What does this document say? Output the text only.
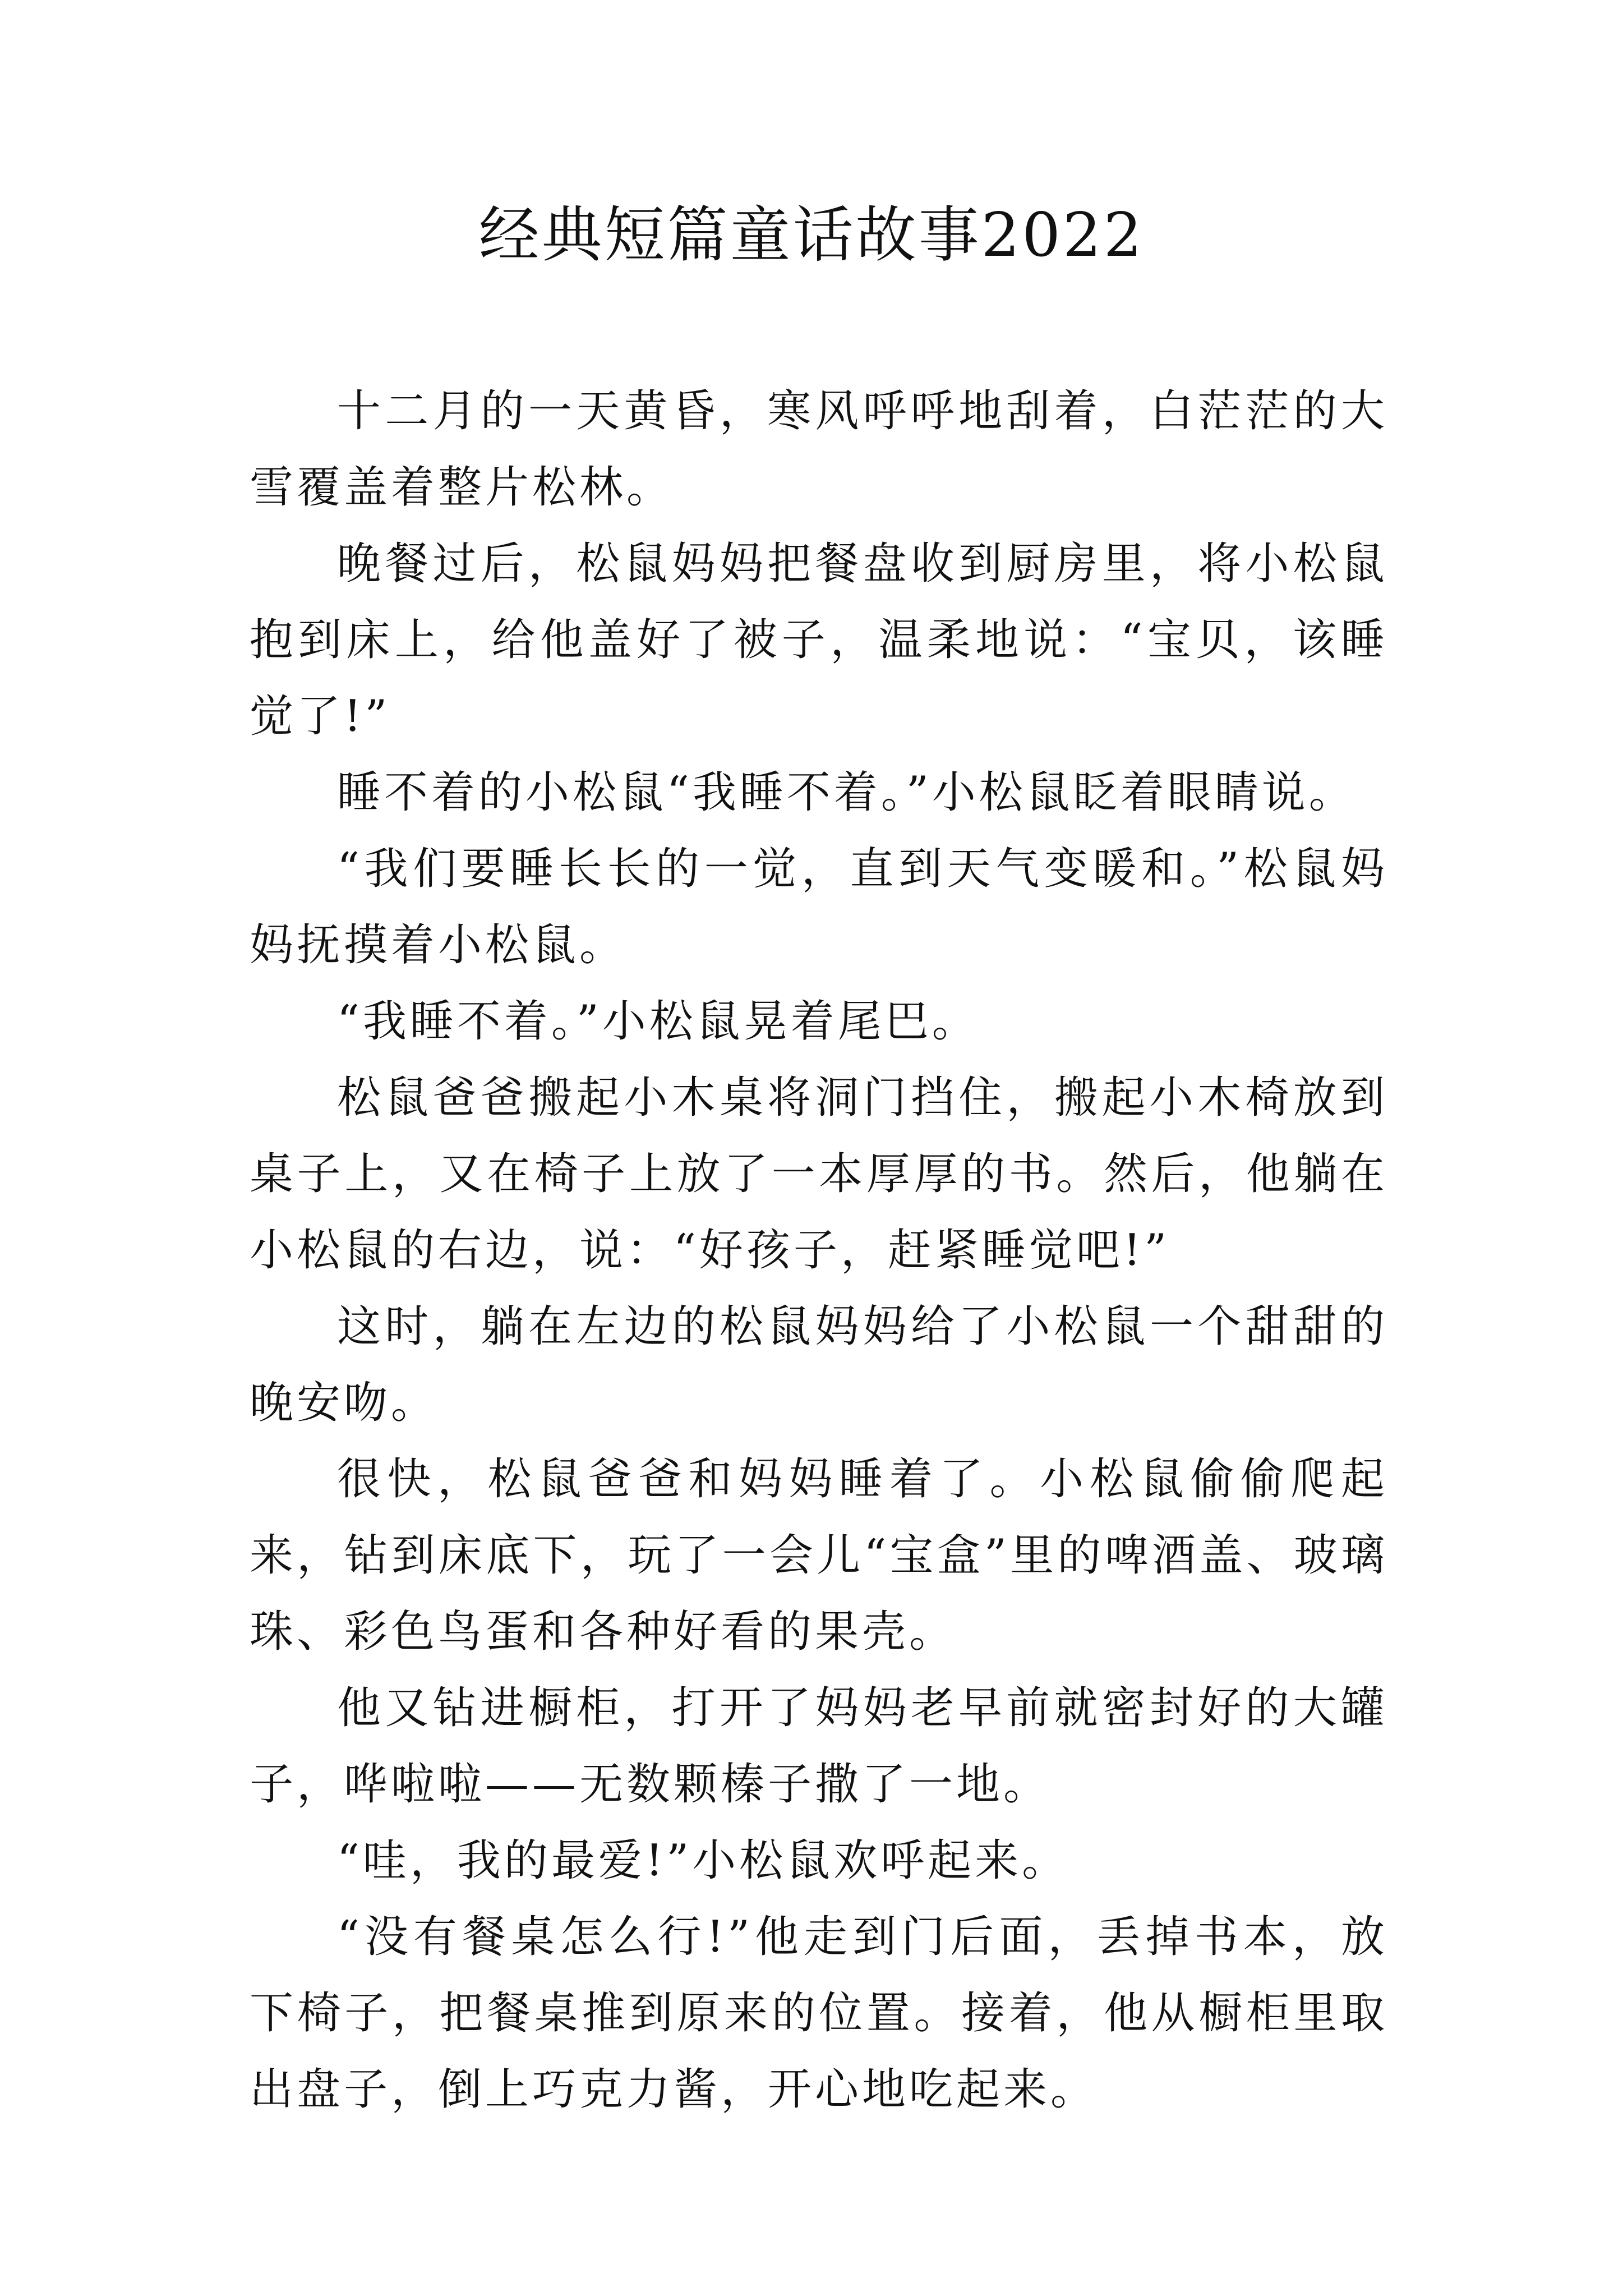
经典短篇童话故事2022

十二月的一天黄昏，寒风呼呼地刮着，白茫茫的大雪覆盖着整片松林。

晚餐过后，松鼠妈妈把餐盘收到厨房里，将小松鼠抱到床上，给他盖好了被子，温柔地说：“宝贝，该睡觉了!”

睡不着的小松鼠“我睡不着。”小松鼠眨着眼睛说。

“我们要睡长长的一觉，直到天气变暖和。”松鼠妈妈抚摸着小松鼠。

“我睡不着。”小松鼠晃着尾巴。

松鼠爸爸搬起小木桌将洞门挡住，搬起小木椅放到桌子上，又在椅子上放了一本厚厚的书。然后，他躺在小松鼠的右边，说：“好孩子，赶紧睡觉吧!”

这时，躺在左边的松鼠妈妈给了小松鼠一个甜甜的晚安吻。

很快，松鼠爸爸和妈妈睡着了。小松鼠偷偷爬起来，钻到床底下，玩了一会儿“宝盒”里的啤酒盖、玻璃珠、彩色鸟蛋和各种好看的果壳。

他又钻进橱柜，打开了妈妈老早前就密封好的大罐子，哗啦啦——无数颗榛子撒了一地。

“哇，我的最爱!”小松鼠欢呼起来。

“没有餐桌怎么行!”他走到门后面，丢掉书本，放下椅子，把餐桌推到原来的位置。接着，他从橱柜里取出盘子，倒上巧克力酱，开心地吃起来。
